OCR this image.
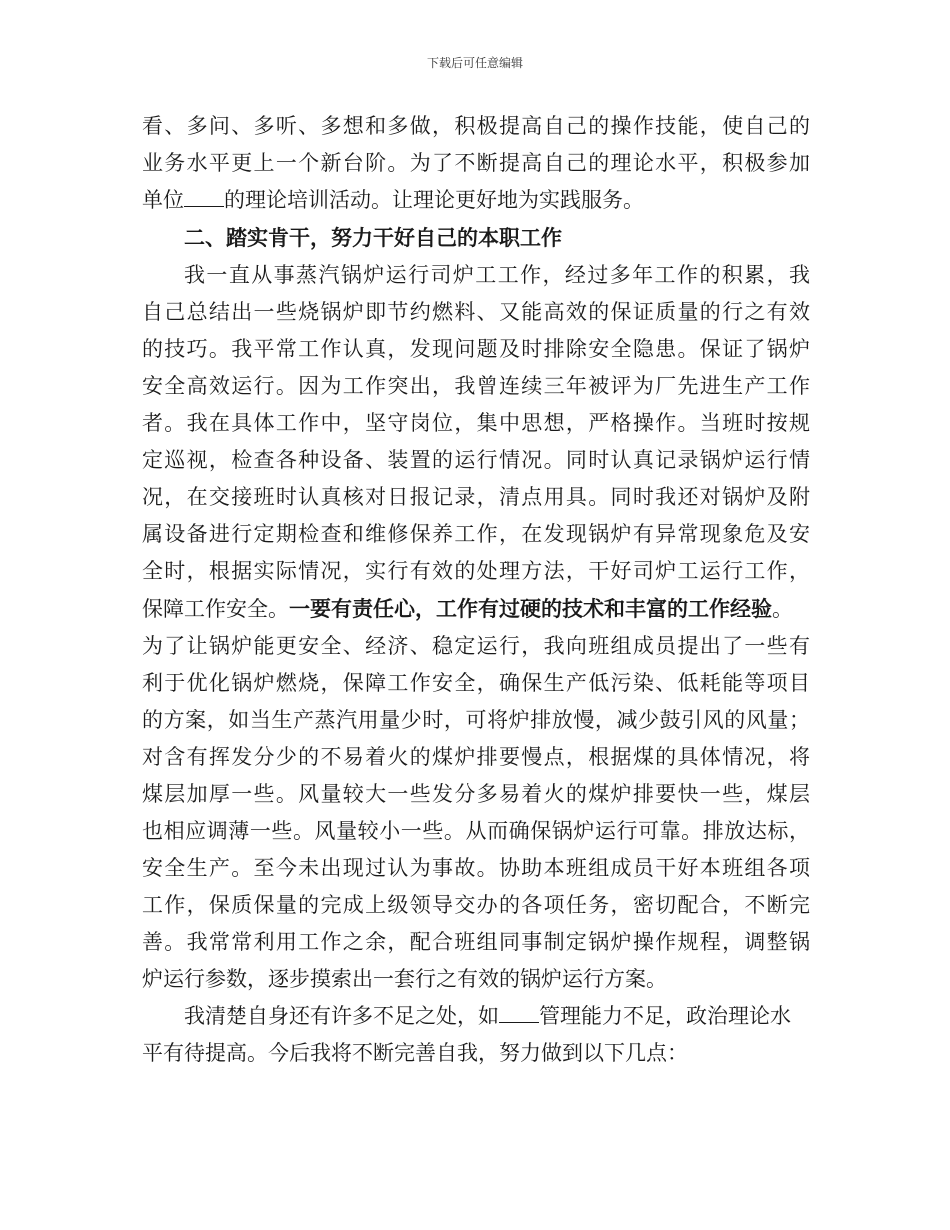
下载后可任意编辑
看、多问、多听、多想和多做，积极提高自己的操作技能，使自己的
业务水平更上一个新台阶。为了不断提高自己的理论水平，积极参加
单位 的理论培训活动。让理论更好地为实践服务。
二、踏实肯干，努力干好自己的本职工作
我一直从事蒸汽锅炉运行司炉工工作，经过多年工作的积累，我
自己总结出一些烧锅炉即节约燃料、又能高效的保证质量的行之有效
的技巧。我平常工作认真，发现问题及时排除安全隐患。保证了锅炉
安全高效运行。因为工作突出，我曾连续三年被评为厂先进生产工作
者。我在具体工作中，坚守岗位，集中思想，严格操作。当班时按规
定巡视，检查各种设备、装置的运行情况。同时认真记录锅炉运行情
况，在交接班时认真核对日报记录，清点用具。同时我还对锅炉及附
属设备进行定期检查和维修保养工作，在发现锅炉有异常现象危及安
全时，根据实际情况，实行有效的处理方法，干好司炉工运行工作，
保障工作安全。一要有责任心，工作有过硬的技术和丰富的工作经验。
为了让锅炉能更安全、经济、稳定运行，我向班组成员提出了一些有
利于优化锅炉燃烧，保障工作安全，确保生产低污染、低耗能等项目
的方案，如当生产蒸汽用量少时，可将炉排放慢，减少鼓引风的风量；
对含有挥发分少的不易着火的煤炉排要慢点，根据煤的具体情况，将
煤层加厚一些。风量较大一些发分多易着火的煤炉排要快一些，煤层
也相应调薄一些。风量较小一些。从而确保锅炉运行可靠。排放达标，
安全生产。至今未出现过认为事故。协助本班组成员干好本班组各项
工作，保质保量的完成上级领导交办的各项任务，密切配合，不断完
善。我常常利用工作之余，配合班组同事制定锅炉操作规程，调整锅
炉运行参数，逐步摸索出一套行之有效的锅炉运行方案。
我清楚自身还有许多不足之处，如 管理能力不足，政治理论水
平有待提高。今后我将不断完善自我，努力做到以下几点：
